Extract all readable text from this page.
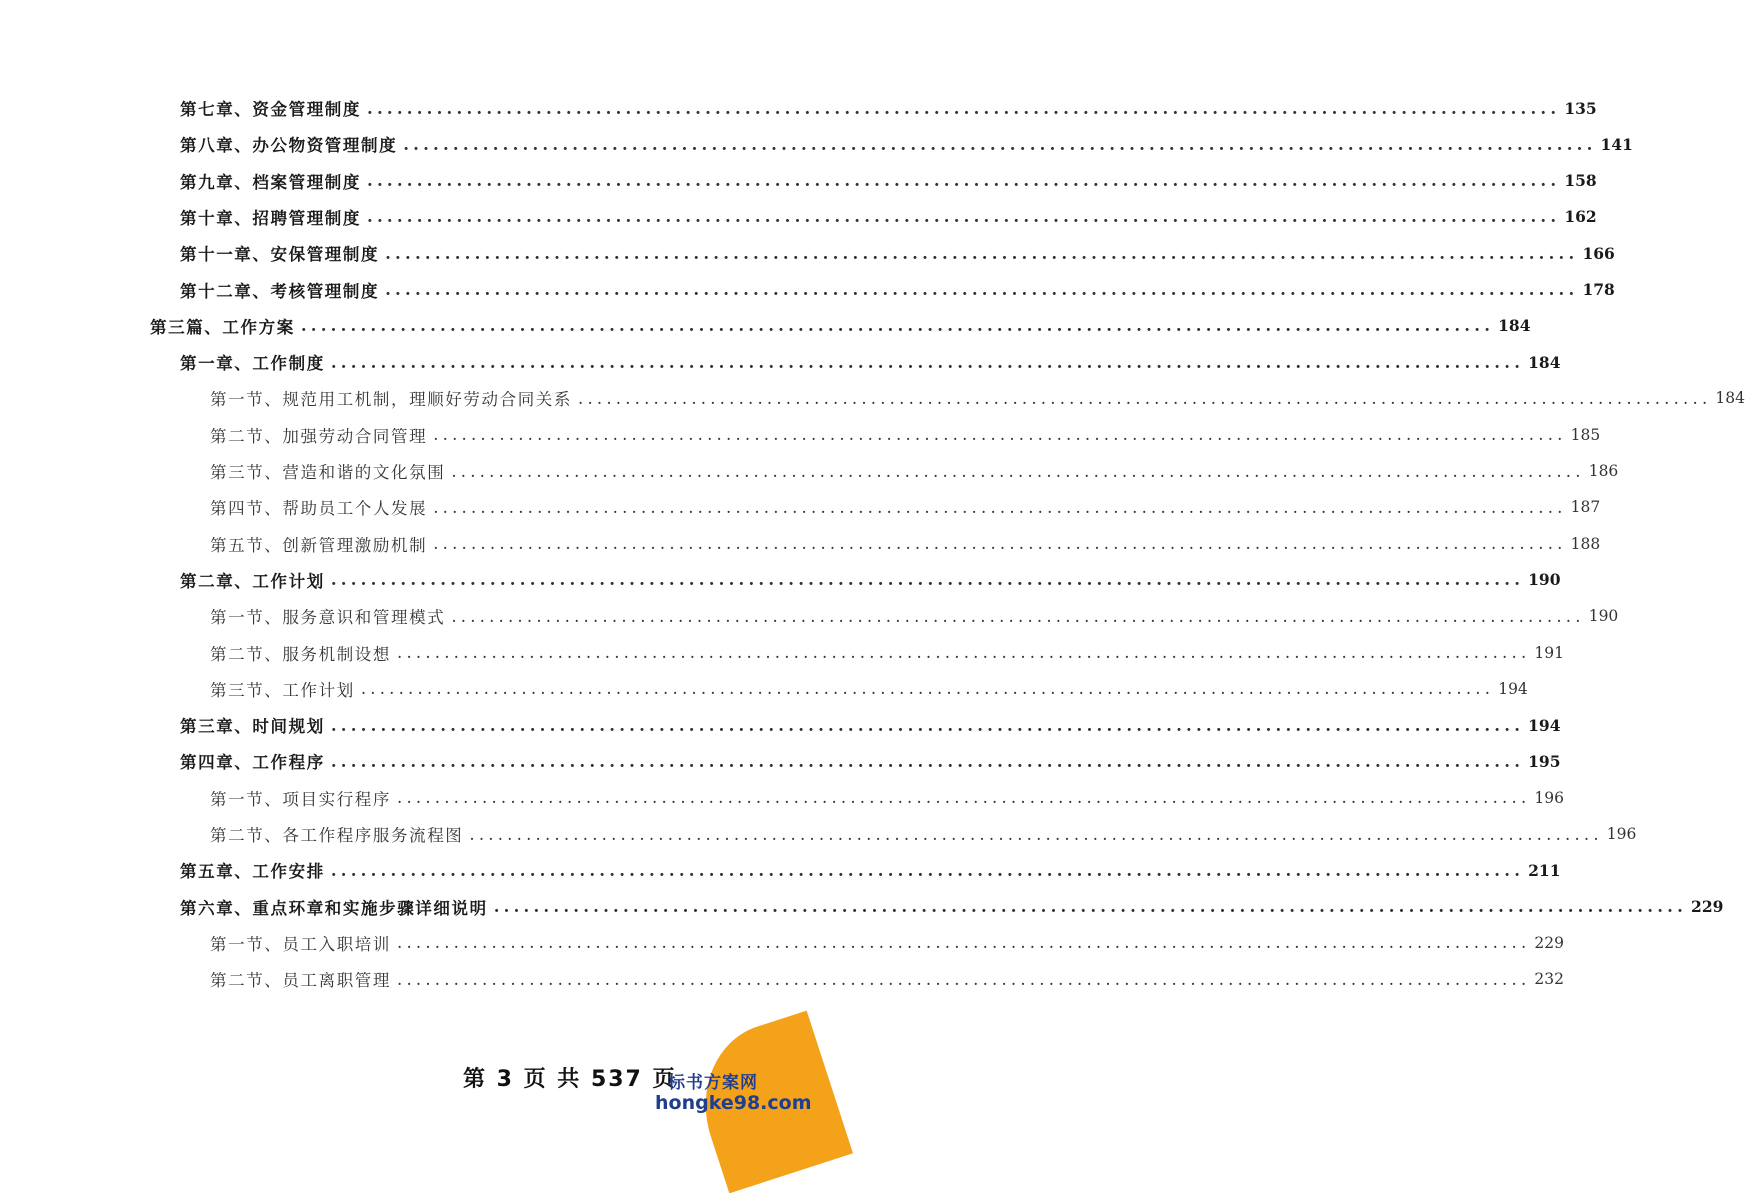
第七章、资金管理制度 ........................................................................................................................ 135
第八章、办公物资管理制度 ........................................................................................................................ 141
第九章、档案管理制度 ........................................................................................................................ 158
第十章、招聘管理制度 ........................................................................................................................ 162
第十一章、安保管理制度 ........................................................................................................................ 166
第十二章、考核管理制度 ........................................................................................................................ 178
第三篇、工作方案 ........................................................................................................................ 184
第一章、工作制度 ........................................................................................................................ 184
第一节、规范用工机制，理顺好劳动合同关系 ........................................................................................................................ 184
第二节、加强劳动合同管理 ........................................................................................................................ 185
第三节、营造和谐的文化氛围 ........................................................................................................................ 186
第四节、帮助员工个人发展 ........................................................................................................................ 187
第五节、创新管理激励机制 ........................................................................................................................ 188
第二章、工作计划 ........................................................................................................................ 190
第一节、服务意识和管理模式 ........................................................................................................................ 190
第二节、服务机制设想 ........................................................................................................................ 191
第三节、工作计划 ........................................................................................................................ 194
第三章、时间规划 ........................................................................................................................ 194
第四章、工作程序 ........................................................................................................................ 195
第一节、项目实行程序 ........................................................................................................................ 196
第二节、各工作程序服务流程图 ........................................................................................................................ 196
第五章、工作安排 ........................................................................................................................ 211
第六章、重点环章和实施步骤详细说明 ........................................................................................................................ 229
第一节、员工入职培训 ........................................................................................................................ 229
第二节、员工离职管理 ........................................................................................................................ 232
第 3 页 共 537 页
标书方案网
hongke98.com
